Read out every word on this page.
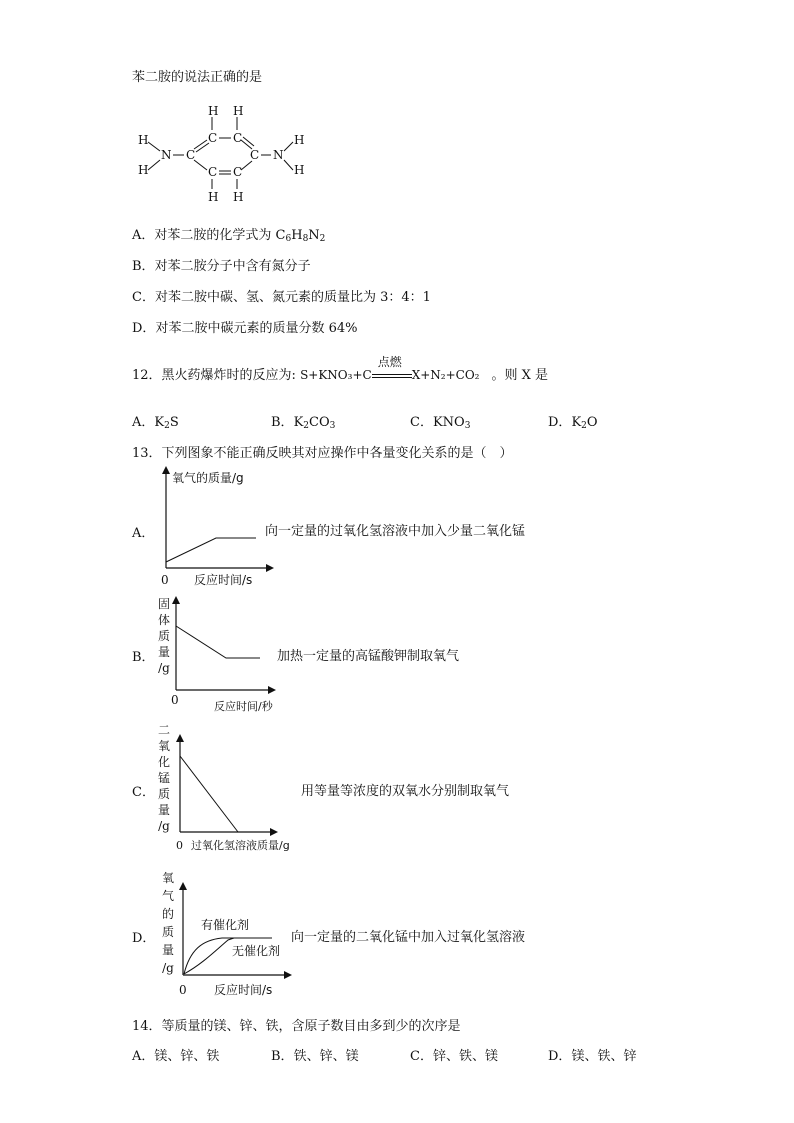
苯二胺的说法正确的是
H H
H
H
N C
C C
C N
H
H
C C
H H
A．对苯二胺的化学式为 $C_6H_8N_2$
B．对苯二胺分子中含有氮分子
C．对苯二胺中碳、氢、氮元素的质量比为 3：4：1
D．对苯二胺中碳元素的质量分数 64%
12．黑火药爆炸时的反应为: S+KNO₃+C
点燃
X+N₂+CO₂ 。则 X 是
A．$K_2S$	B．$K_2CO_3$	C．$KNO_3$	D．$K_2O$
13．下列图象不能正确反映其对应操作中各量变化关系的是（　）
A．
氧气的质量/g
0 反应时间/s
向一定量的过氧化氢溶液中加入少量二氧化锰
B．
固
体
质
量
/g
0	反应时间/秒
加热一定量的高锰酸钾制取氧气
C．
二
氧
化
锰
质
量
/g
0 过氧化氢溶液质量/g
用等量等浓度的双氧水分别制取氧气
D．
氧
气
的
质
量
/g
有催化剂
无催化剂
0 反应时间/s
向一定量的二氧化锰中加入过氧化氢溶液
14．等质量的镁、锌、铁，含原子数目由多到少的次序是
A．镁、锌、铁	B．铁、锌、镁	C．锌、铁、镁	D．镁、铁、锌
